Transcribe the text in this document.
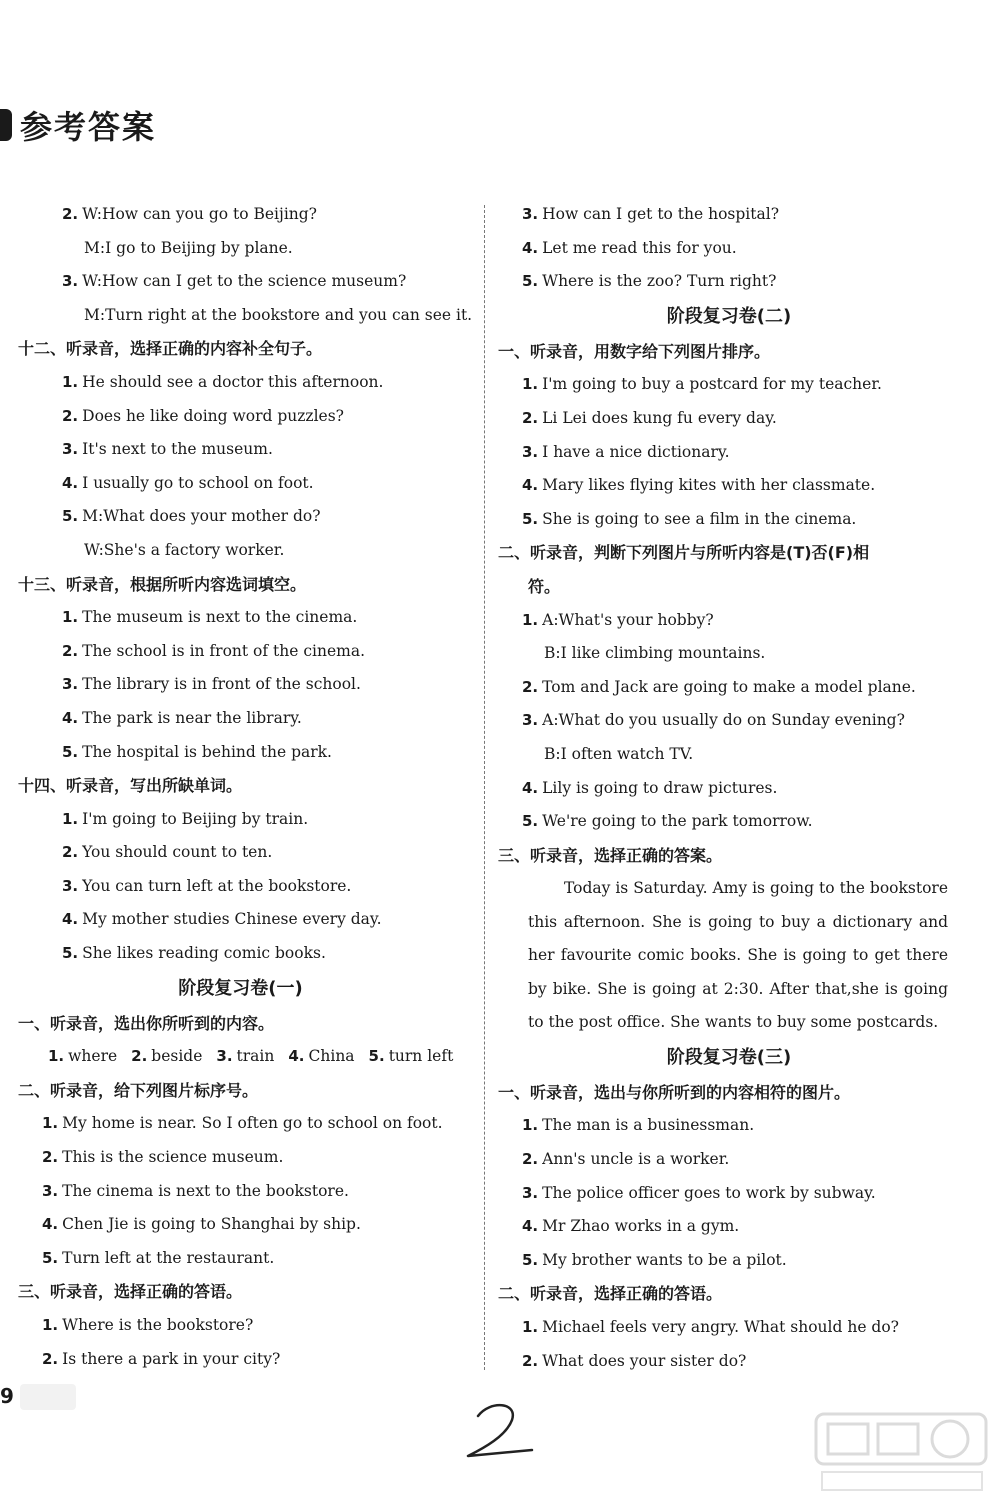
参考答案
2. W:How can you go to Beijing?
M:I go to Beijing by plane.
3. W:How can I get to the science museum?
M:Turn right at the bookstore and you can see it.
十二、听录音，选择正确的内容补全句子。
1. He should see a doctor this afternoon.
2. Does he like doing word puzzles?
3. It's next to the museum.
4. I usually go to school on foot.
5. M:What does your mother do?
W:She's a factory worker.
十三、听录音，根据所听内容选词填空。
1. The museum is next to the cinema.
2. The school is in front of the cinema.
3. The library is in front of the school.
4. The park is near the library.
5. The hospital is behind the park.
十四、听录音，写出所缺单词。
1. I'm going to Beijing by train.
2. You should count to ten.
3. You can turn left at the bookstore.
4. My mother studies Chinese every day.
5. She likes reading comic books.
阶段复习卷(一)
一、听录音，选出你所听到的内容。
1. where 2. beside 3. train 4. China 5. turn left
二、听录音，给下列图片标序号。
1. My home is near. So I often go to school on foot.
2. This is the science museum.
3. The cinema is next to the bookstore.
4. Chen Jie is going to Shanghai by ship.
5. Turn left at the restaurant.
三、听录音，选择正确的答语。
1. Where is the bookstore?
2. Is there a park in your city?
3. How can I get to the hospital?
4. Let me read this for you.
5. Where is the zoo? Turn right?
阶段复习卷(二)
一、听录音，用数字给下列图片排序。
1. I'm going to buy a postcard for my teacher.
2. Li Lei does kung fu every day.
3. I have a nice dictionary.
4. Mary likes flying kites with her classmate.
5. She is going to see a film in the cinema.
二、听录音，判断下列图片与所听内容是(T)否(F)相
符。
1. A:What's your hobby?
B:I like climbing mountains.
2. Tom and Jack are going to make a model plane.
3. A:What do you usually do on Sunday evening?
B:I often watch TV.
4. Lily is going to draw pictures.
5. We're going to the park tomorrow.
三、听录音，选择正确的答案。
Today is Saturday. Amy is going to the bookstore this afternoon. She is going to buy a dictionary and her favourite comic books. She is going to get there by bike. She is going at 2:30. After that,she is going to the post office. She wants to buy some postcards.
阶段复习卷(三)
一、听录音，选出与你所听到的内容相符的图片。
1. The man is a businessman.
2. Ann's uncle is a worker.
3. The police officer goes to work by subway.
4. Mr Zhao works in a gym.
5. My brother wants to be a pilot.
二、听录音，选择正确的答语。
1. Michael feels very angry. What should he do?
2. What does your sister do?
9
